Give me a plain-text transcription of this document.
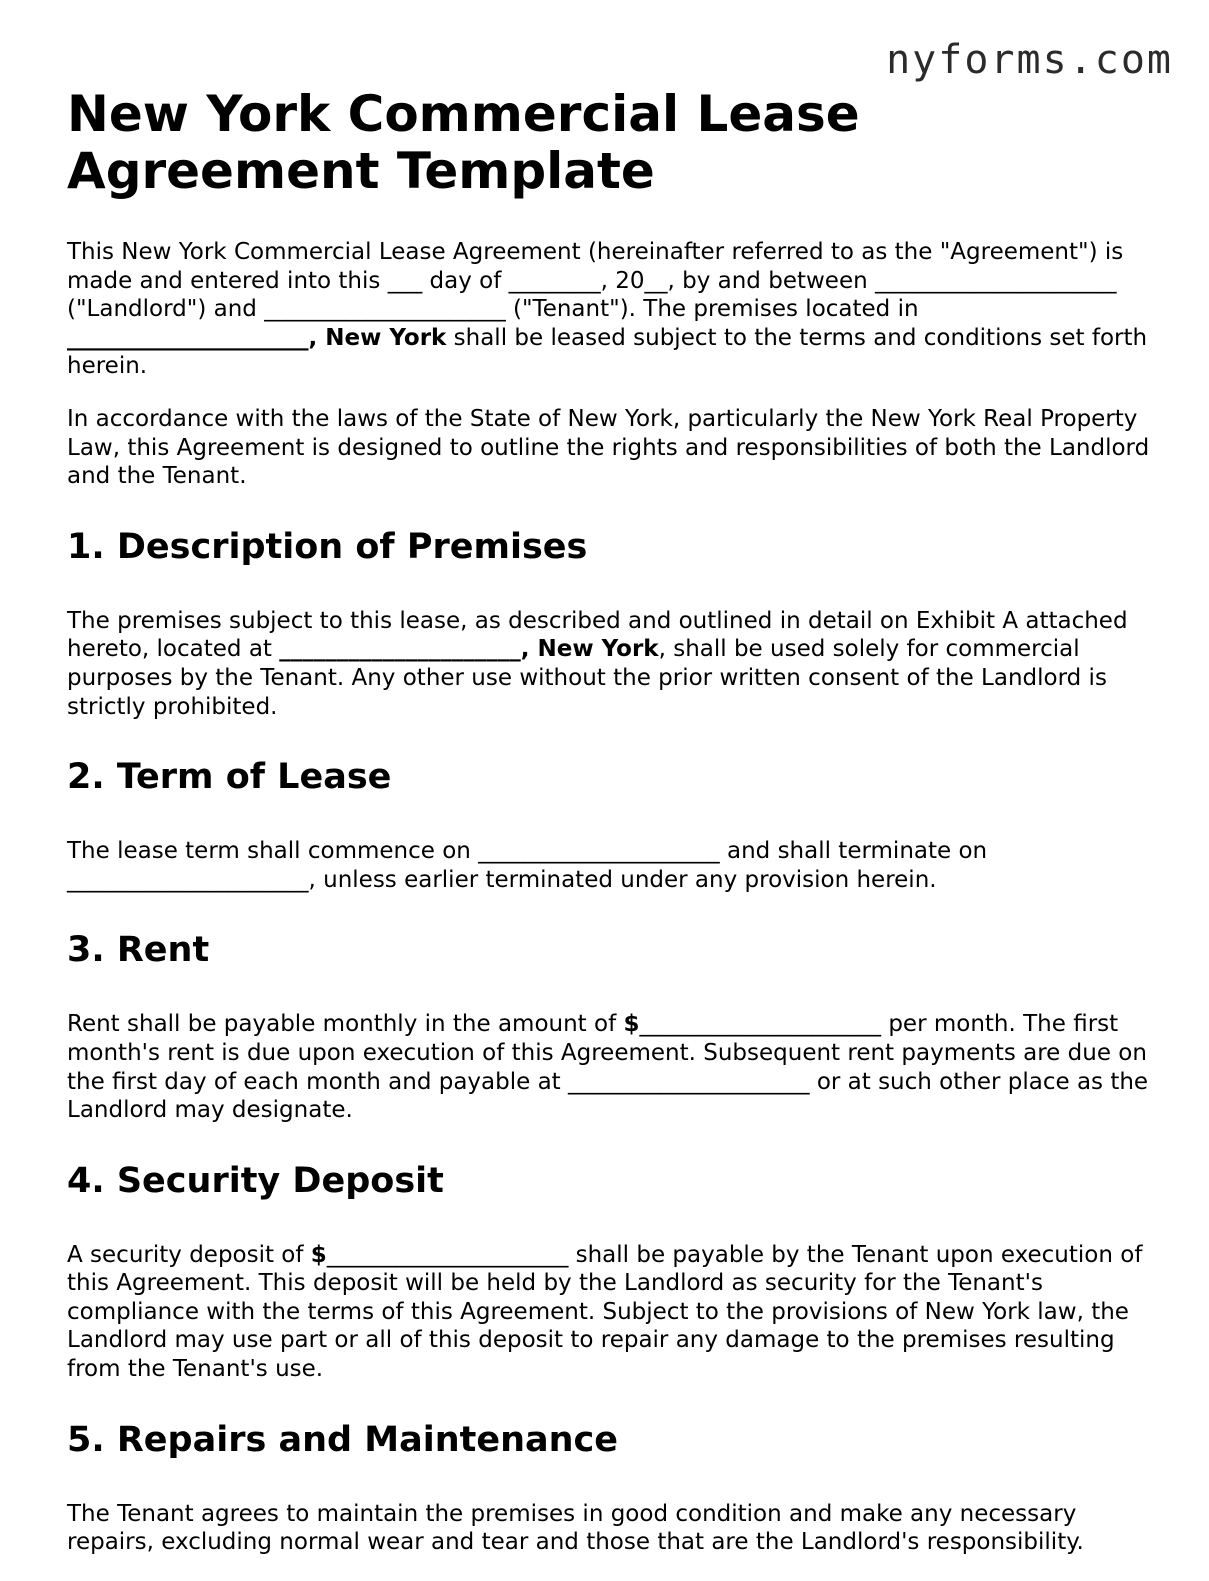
nyforms.com
New York Commercial Lease Agreement Template

This New York Commercial Lease Agreement (hereinafter referred to as the "Agreement") is made and entered into this ___ day of ________, 20__, by and between _____________________ ("Landlord") and _____________________ ("Tenant"). The premises located in _____________________, New York shall be leased subject to the terms and conditions set forth herein.

In accordance with the laws of the State of New York, particularly the New York Real Property Law, this Agreement is designed to outline the rights and responsibilities of both the Landlord and the Tenant.

1. Description of Premises

The premises subject to this lease, as described and outlined in detail on Exhibit A attached hereto, located at _____________________, New York, shall be used solely for commercial purposes by the Tenant. Any other use without the prior written consent of the Landlord is strictly prohibited.

2. Term of Lease

The lease term shall commence on _____________________ and shall terminate on _____________________, unless earlier terminated under any provision herein.

3. Rent

Rent shall be payable monthly in the amount of $_____________________ per month. The first month's rent is due upon execution of this Agreement. Subsequent rent payments are due on the first day of each month and payable at _____________________ or at such other place as the Landlord may designate.

4. Security Deposit

A security deposit of $_____________________ shall be payable by the Tenant upon execution of this Agreement. This deposit will be held by the Landlord as security for the Tenant's compliance with the terms of this Agreement. Subject to the provisions of New York law, the Landlord may use part or all of this deposit to repair any damage to the premises resulting from the Tenant's use.

5. Repairs and Maintenance

The Tenant agrees to maintain the premises in good condition and make any necessary repairs, excluding normal wear and tear and those that are the Landlord's responsibility.
